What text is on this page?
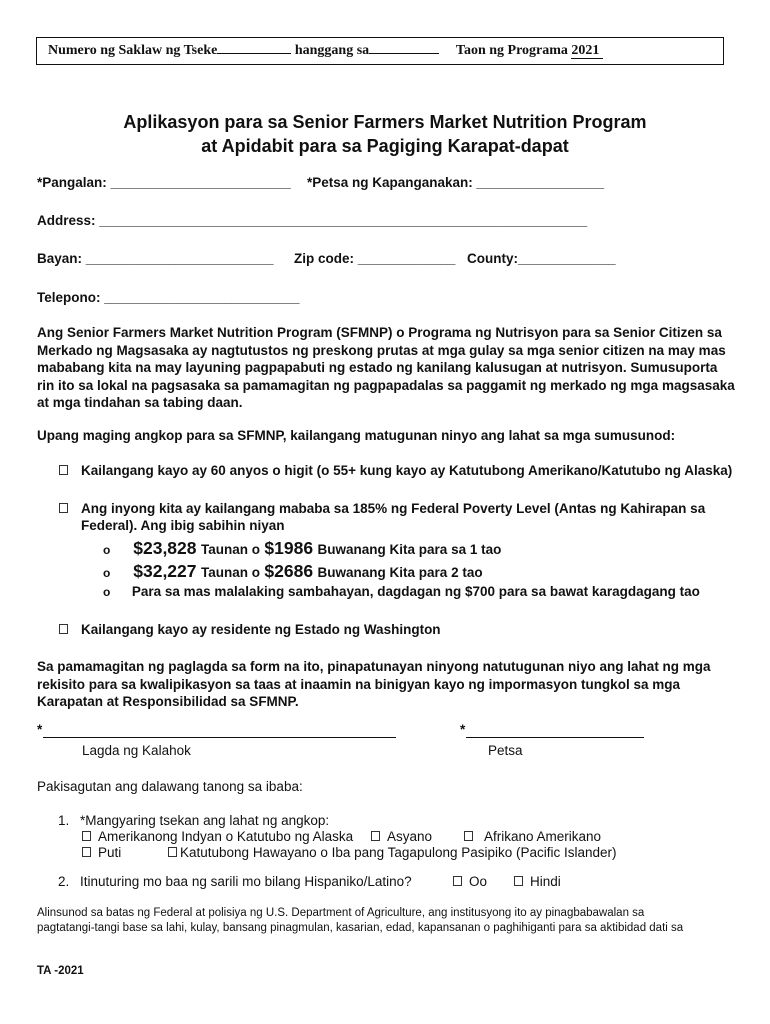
Numero ng Saklaw ng Tseke	hanggang sa	Taon ng Programa 2021
Aplikasyon para sa Senior Farmers Market Nutrition Program
at Apidabit para sa Pagiging Karapat-dapat
*Pangalan: ________________________ *Petsa ng Kapanganakan: _________________
Address: _________________________________________________________________
Bayan: _________________________ Zip code: _____________ County:_____________
Telepono: __________________________
Ang Senior Farmers Market Nutrition Program (SFMNP) o Programa ng Nutrisyon para sa Senior Citizen sa Merkado ng Magsasaka ay nagtutustos ng preskong prutas at mga gulay sa mga senior citizen na may mas mababang kita na may layuning pagpapabuti ng estado ng kanilang kalusugan at nutrisyon. Sumusuporta rin ito sa lokal na pagsasaka sa pamamagitan ng pagpapadalas sa paggamit ng merkado ng mga magsasaka at mga tindahan sa tabing daan.
Upang maging angkop para sa SFMNP, kailangang matugunan ninyo ang lahat sa mga sumusunod:
Kailangang kayo ay 60 anyos o higit (o 55+ kung kayo ay Katutubong Amerikano/Katutubo ng Alaska)
Ang inyong kita ay kailangang mababa sa 185% ng Federal Poverty Level (Antas ng Kahirapan sa
Federal). Ang ibig sabihin niyan
o $23,828 Taunan o $1986 Buwanang Kita para sa 1 tao
o $32,227 Taunan o $2686 Buwanang Kita para 2 tao
o Para sa mas malalaking sambahayan, dagdagan ng $700 para sa bawat karagdagang tao
Kailangang kayo ay residente ng Estado ng Washington
Sa pamamagitan ng paglagda sa form na ito, pinapatunayan ninyong natutugunan niyo ang lahat ng mga rekisito para sa kwalipikasyon sa taas at inaamin na binigyan kayo ng impormasyon tungkol sa mga Karapatan at Responsibilidad sa SFMNP.
*
Lagda ng Kalahok
*
Petsa
Pakisagutan ang dalawang tanong sa ibaba:
1. *Mangyaring tsekan ang lahat ng angkop:
Amerikanong Indyan o Katutubo ng Alaska	Asyano	Afrikano Amerikano
Puti	Katutubong Hawayano o Iba pang Tagapulong Pasipiko (Pacific Islander)
2. Itinuturing mo baa ng sarili mo bilang Hispaniko/Latino?	Oo	Hindi
Alinsunod sa batas ng Federal at polisiya ng U.S. Department of Agriculture, ang institusyong ito ay pinagbabawalan sa
pagtatangi-tangi base sa lahi, kulay, bansang pinagmulan, kasarian, edad, kapansanan o paghihiganti para sa aktibidad dati sa
TA -2021
